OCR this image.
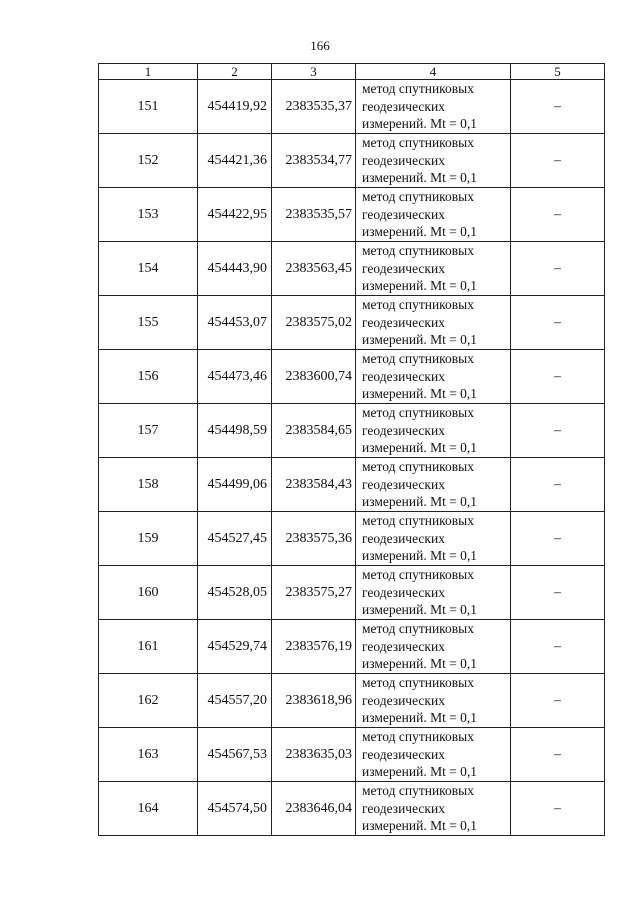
166
1	2	3	4	5
151	454419,92	2383535,37	метод спутниковых
геодезических
измерений. Mt = 0,1	–
152	454421,36	2383534,77	метод спутниковых
геодезических
измерений. Mt = 0,1	–
153	454422,95	2383535,57	метод спутниковых
геодезических
измерений. Mt = 0,1	–
154	454443,90	2383563,45	метод спутниковых
геодезических
измерений. Mt = 0,1	–
155	454453,07	2383575,02	метод спутниковых
геодезических
измерений. Mt = 0,1	–
156	454473,46	2383600,74	метод спутниковых
геодезических
измерений. Mt = 0,1	–
157	454498,59	2383584,65	метод спутниковых
геодезических
измерений. Mt = 0,1	–
158	454499,06	2383584,43	метод спутниковых
геодезических
измерений. Mt = 0,1	–
159	454527,45	2383575,36	метод спутниковых
геодезических
измерений. Mt = 0,1	–
160	454528,05	2383575,27	метод спутниковых
геодезических
измерений. Mt = 0,1	–
161	454529,74	2383576,19	метод спутниковых
геодезических
измерений. Mt = 0,1	–
162	454557,20	2383618,96	метод спутниковых
геодезических
измерений. Mt = 0,1	–
163	454567,53	2383635,03	метод спутниковых
геодезических
измерений. Mt = 0,1	–
164	454574,50	2383646,04	метод спутниковых
геодезических
измерений. Mt = 0,1	–
